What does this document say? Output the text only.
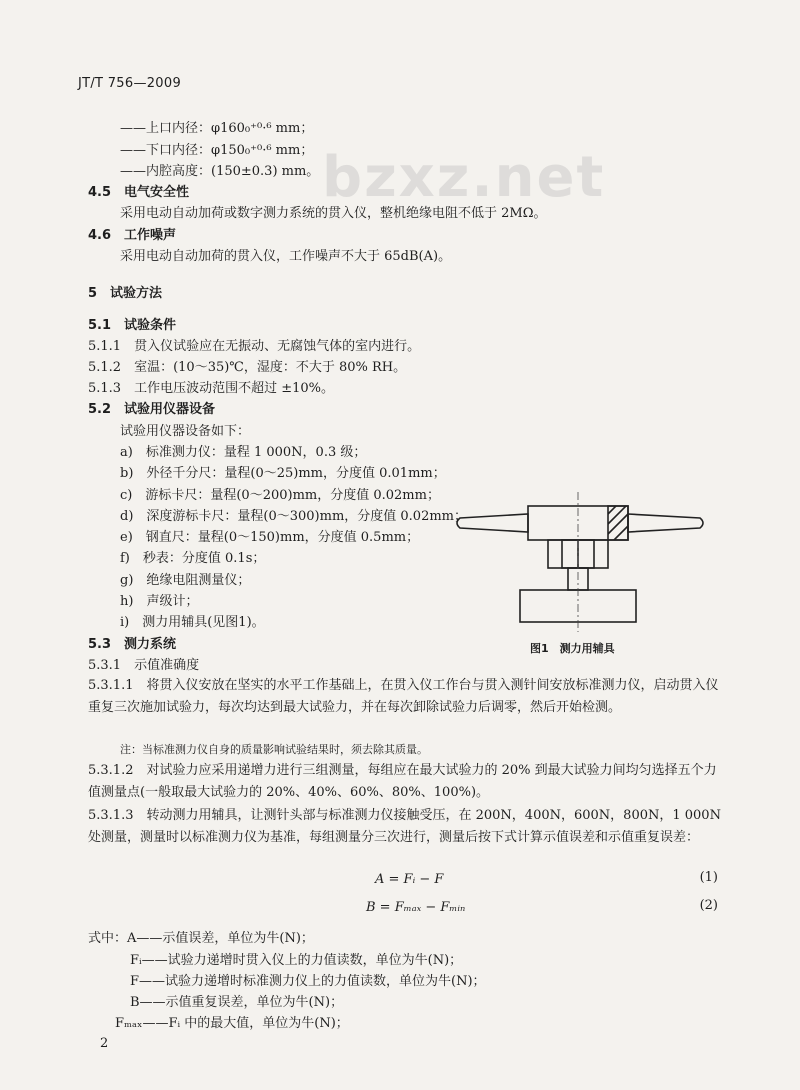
JT/T 756—2009
bzxz.net
——上口内径：φ160₀⁺⁰·⁶ mm；
——下口内径：φ150₀⁺⁰·⁶ mm；
——内腔高度：(150±0.3) mm。
4.5　电气安全性
采用电动自动加荷或数字测力系统的贯入仪，整机绝缘电阻不低于 2MΩ。
4.6　工作噪声
采用电动自动加荷的贯入仪，工作噪声不大于 65dB(A)。
5　试验方法
5.1　试验条件
5.1.1　贯入仪试验应在无振动、无腐蚀气体的室内进行。
5.1.2　室温：(10～35)℃，湿度：不大于 80% RH。
5.1.3　工作电压波动范围不超过 ±10%。
5.2　试验用仪器设备
试验用仪器设备如下：
a)　标准测力仪：量程 1 000N，0.3 级；
b)　外径千分尺：量程(0～25)mm，分度值 0.01mm；
c)　游标卡尺：量程(0～200)mm，分度值 0.02mm；
d)　深度游标卡尺：量程(0～300)mm，分度值 0.02mm；
e)　钢直尺：量程(0～150)mm，分度值 0.5mm；
f)　秒表：分度值 0.1s；
g)　绝缘电阻测量仪；
h)　声级计；
i)　测力用辅具(见图1)。
图1　测力用辅具
5.3　测力系统
5.3.1　示值准确度
5.3.1.1　将贯入仪安放在坚实的水平工作基础上，在贯入仪工作台与贯入测针间安放标准测力仪，启动贯入仪重复三次施加试验力，每次均达到最大试验力，并在每次卸除试验力后调零，然后开始检测。
注：当标准测力仪自身的质量影响试验结果时，须去除其质量。
5.3.1.2　对试验力应采用递增力进行三组测量，每组应在最大试验力的 20% 到最大试验力间均匀选择五个力值测量点(一般取最大试验力的 20%、40%、60%、80%、100%)。
5.3.1.3　转动测力用辅具，让测针头部与标准测力仪接触受压，在 200N，400N，600N，800N，1 000N 处测量，测量时以标准测力仪为基准，每组测量分三次进行，测量后按下式计算示值误差和示值重复误差：
A = Fᵢ − F	(1)
B = Fₘₐₓ − Fₘᵢₙ	(2)
式中：A——示值误差，单位为牛(N)；
Fᵢ——试验力递增时贯入仪上的力值读数，单位为牛(N)；
F——试验力递增时标准测力仪上的力值读数，单位为牛(N)；
B——示值重复误差，单位为牛(N)；
Fₘₐₓ——Fᵢ 中的最大值，单位为牛(N)；
2
